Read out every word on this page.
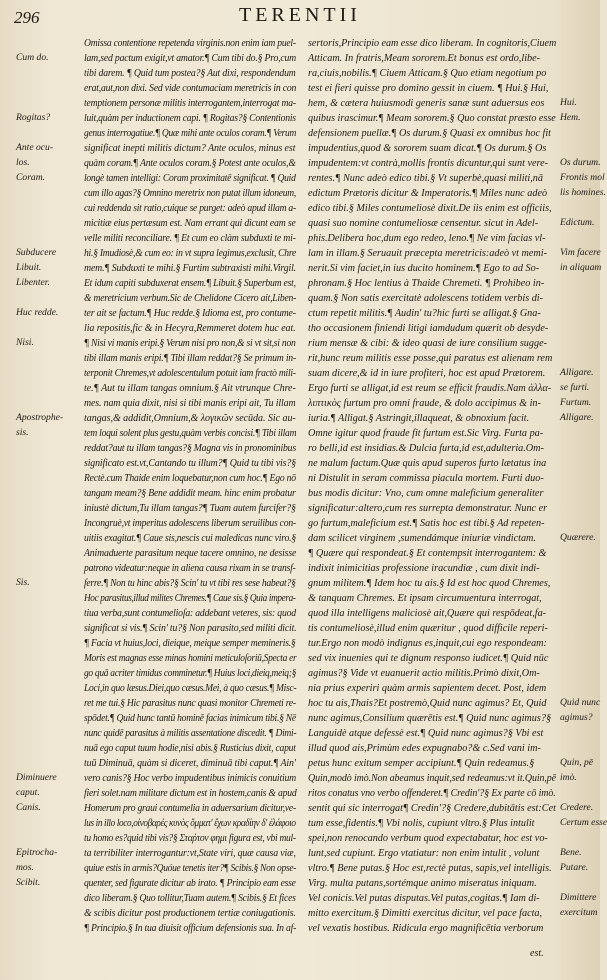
296	TERENTII
Omissa contentione repetenda virginis.non enim iam puel-
lam,sed pactum exigit,vt amator.¶ Cum tibi do.§ Pro,cum
tibi darem. ¶ Quid tum postea?§ Aut dixi, respondendum
erat,aut,non dixi. Sed vide contumaciam meretricis in con
temptionem personæ militis interrogantem,interrogat ma-
luit,quàm per inductionem capi. ¶ Rogitas?§ Contentionis
genus interrogatiue.¶ Quæ mihi ante oculos coram.¶ Verum
significat inepti militis dictum? Ante oculos, minus est
quàm coram.¶ Ante oculos coram.§ Potest ante oculos,&
longè tamen intelligi: Coram proximitatē significat. ¶ Quid
cum illo agas?§ Omnino meretrix non putat illum idoneum,
cui reddenda sit ratio,cuique se purget: adeò apud illam a-
micitiæ eius pertæsum est. Nam errant qui dicunt eam se
velle militi reconciliare. ¶ Et cum eo clàm subduxti te mi-
hi.§ Imudiosè,& cum eo: in vt supra legimus,exclusit, Chre
mem.¶ Subduxti te mihi.§ Furtim subtraxisti mihi.Virgil.
Et idum capiti subduxerat ensem.¶ Libuit.§ Superbum est,
& meretricium verbum.Sic de Chelidone Cicero ait,Liben-
ter ait se factum.¶ Huc redde.§ Idioma est, pro contume-
lia repositis,fic & in Hecyra,Remmeret dotem huc eat.
¶ Nisi vi manis eripi.§ Verum nisi pro non,& si vt sit,si non
tibi illam manis eripi.¶ Tibi illam reddat?§ Se primum in-
terponit Chremes,vt adolescentulum potuit iam fractò mili-
te.¶ Aut tu illam tangas omnium.§ Ait vtrunque Chre-
mes. nam quia dixit, nisi si tibi manis eripi ait, Tu illam
tangas,& addidit,Omnium,& λογικῶν secūda. Sic au-
tem loqui solent plus gestu,quàm verbis concisi.¶ Tibi illam
reddat?aut tu illam tangas?§ Magna vis in pronominibus
significato est.vt,Cantando tu illum?¶ Quid tu tibi vis?§
Rectè.cum Thaide enim loquebatur,non cum hoc.¶ Ego nō
tangam meam?§ Bene addidit meam. hinc enim probatur
iniustè dictum,Tu illam tangas?¶ Tuam autem furcifer?§
Incongruè,vt imperitus adolescens liberum seruilibus con-
uitiis exagitat.¶ Caue sis,nescis cui maledicas nunc viro.§
Animaduerte parasitum neque tacere omnino, ne desisse
patrono videatur:neque in aliena causa rixam in se transf-
ferre.¶ Non tu hinc abis?§ Scin' tu vt tibi res sese habeat?§
Hoc parasitus,illud milites Chremes.¶ Caue sis.§ Quia impera-
tiua verba,sunt contumelioſa: addebant veteres, sis: quod
significat si vis.¶ Scin' tu?§ Non parasito,sed militi dicit.
¶ Facia vt huius,loci, dieique, meique semper memineris.§
Moris est magnas esse minas homini meticuloſoriū,Specta er
go quā acriter timidus comminetur.¶ Huius loci,dieiq,meiq;§
Loci,in quo læsus.Diei,quo cæsus.Mei, à quo cæsus.¶ Misc-
ret me tui.§ Hic parasitus nunc quasi monitor Chremeti re-
spōdet.¶ Quid hunc tantū hominē facias inimicum tibi.§ Nē
nunc quidē parasitus à militis assentatione discedit. ¶ Dimi-
nuā ego caput tuum hodie,nisi abis.§ Rusticius dixit, caput
tuū Diminuā, quàm si diceret, diminuā tibi caput.¶ Ain'
vero canis?§ Hoc verbo impudentibus inimicis conuitium
fieri solet.nam militare dictum est in hostem,canis & apud
Homerum pro graui contumelia in aduersarium dicitur,ve-
lus in illo loco,οἰνοβαρές κυνὸς ὄμματ' ἔχων κραδίην δ' ἐλάφοιο
tu homo es?quid tibi vis?§ Σταῤτον φημι figura est, vbi mul-
ta terribiliter interrogantur:vt,State viri, quæ causa viæ,
quiue estis in armis?Quóue tenetis iter?¶ Scibis.§ Non opse-
quenter, sed figurate dicitur ab irato. ¶ Principio eam esse
dico liberam.§ Quo tollitur,Tuam autem.¶ Scibis.§ Et fices
& scibis dicitur post productionem tertiæ coniugationis.
¶ Principio.§ In tua diuisit officium defensionis sua. In af-
sertoris,Principio eam esse dico liberam. In cognitoris,Ciuem
Atticam. In fratris,Meam sororem.Et bonus est ordo,libe-
ra,ciuis,nobilis.¶ Ciuem Atticam.§ Quo etiam negotium po
test ei fieri quisse pro domino gessit in ciuem. ¶ Hui.§ Hui,
hem, & cætera huiusmodi generis sanæ sunt aduersus eos
quibus irascimur.¶ Meam sororem.§ Quo constat præsto esse
defensionem puellæ.¶ Os durum.§ Quasi ex omnibus hoc fit
impudentius,quod & sororem suam dicat.¶ Os durum.§ Os
impudentem:vt contrà,mollis frontis dicuntur,qui sunt vere-
rentes.¶ Nunc adeò edico tibi.§ Vt superbè,quasi militi,nā
edictum Prætoris dicitur & Imperatoris.¶ Miles nunc adeò
edico tibi.§ Miles contumeliosè dixit.De iis enim est officiis,
quasi suo nomine contumeliosæ censentur. sicut in Adel-
phis.Delibera hoc,dum ego redeo, leno.¶ Ne vim facias vl-
lam in illam.§ Seruauit præcepta meretricis:adeò vt memi-
nerit.Si vim faciet,in ius ducito hominem.¶ Ego to ad So-
phronam.§ Hoc lentius à Thaide Chremeti. ¶ Prohibeo in-
quam.§ Non satis exercitatè adolescens totidem verbis di-
ctum repetit militis.¶ Audin' tu?hic furti se alligat.§ Gna-
tho occasionem finiendi litigi iamdudum quærit ob desyde-
rium mensæ & cibi: & ideo quasi de iure consilium sugge-
rit,hunc reum militis esse posse,qui paratus est alienam rem
suam dicere,& id in iure profiteri, hoc est apud Prætorem.
Ergo furti se alligat,id est reum se efficit fraudis.Nam ἀλλα-
λιπτικὸς furtum pro omni fraude, & dolo accipimus & in-
iuria.¶ Alligat.§ Astringit,illaqueat, & obnoxium facit.
Omne igitur quod fraude fit furtum est.Sic Virg. Furta pa-
ro belli,id est insidias.& Dulcia furta,id est,adulteria.Om-
ne malum factum.Quæ quis apud superos furto lætatus ina
ni Distulit in seram commissa piacula mortem. Furti duo-
bus modis dicitur: Vno, cum omne maleficium generaliter
significatur:altero,cum res surrepta demonstratur. Nunc er
go furtum,maleficium est.¶ Satis hoc est tibi.§ Ad repeten-
dam scilicet virginem ,sumendámque iniuriæ vindictam.
¶ Quære qui respondeat.§ Et contempsit interrogantem: &
indixit inimicitias professione iracundiæ , cum dixit indi-
gnum militem.¶ Idem hoc tu ais.§ Id est hoc quod Chremes,
& tanquam Chremes. Et ipsam circumuentura interrogat,
quod illa intelligens maliciosè ait,Quære qui respōdeat,fa-
tis contumeliosè,illud enim quæritur , quod difficile reperi-
tur.Ergo non modò indignus es,inquit,cui ego respondeam:
sed vix inuenies qui te dignum responso iudicet.¶ Quid nūc
agimus?§ Vide vt euanuerit actio militis.Primò dixit,Om-
nia prius experiri quàm armis sapientem decet. Post, idem
hoc tu ais,Thais?Et postremò,Quid nunc agimus? Et, Quid
nunc agimus,Consilium quærētis est.¶ Quid nunc agimus?§
Languidè atque defessè est.¶ Quid nunc agimus?§ Vbi est
illud quod ais,Primùm edes expugnabo?& c.Sed vani im-
petus hunc exitum semper accipiunt.¶ Quin redeamus.§
Quin,modò imò.Non abeamus inquit,sed redeamus:vt it.Quin,pē
ritos conatus vno verbo offenderet.¶ Credin'?§ Ex parte cō imò.
sentit qui sic interrogat¶ Credin'?§ Credere,dubitātis est:Cet
tum esse,fidentis.¶ Vbi nolis, cupiunt vltro.§ Plus intulit
spei,non renocando verbum quod expectabatur, hoc est vo-
lunt,sed cupiunt. Ergo vtatiatur: non enim intulit , volunt
vltro.¶ Bene putas.§ Hoc est,rectè putas, sapis,vel intelligis.
Virg. multa putans,sortémque animo miseratus iniquam.
Vel conicis.Vel putas disputas.Vel putas,cogitas.¶ Iam di-
mitto exercitum.§ Dimitti exercitus dicitur, vel pace facta,
vel vexatis hostibus. Ridicula ergo magnificētia verborum
Cum do.
Rogitas?
Ante ocu-
los.
Coram.
Subducere
Libuit.
Libenter.
Huc redde.
Nisi.
Apostrophe-
sis.
Sis.
Diminuere
caput.
Canis.
Epitrocha-
mos.
Scibit.
Hui.
Hem.
Os durum.
Frontis mol
lis homines.
Edictum.
Vim facere
in aliquam
Alligare.
se furti.
Furtum.
Alligare.
Quærere.
Quid nunc
agimus?
Quin, pē
imò.
Credere.
Certum esse
Bene.
Putare.
Dimittere
exercitum
est.
